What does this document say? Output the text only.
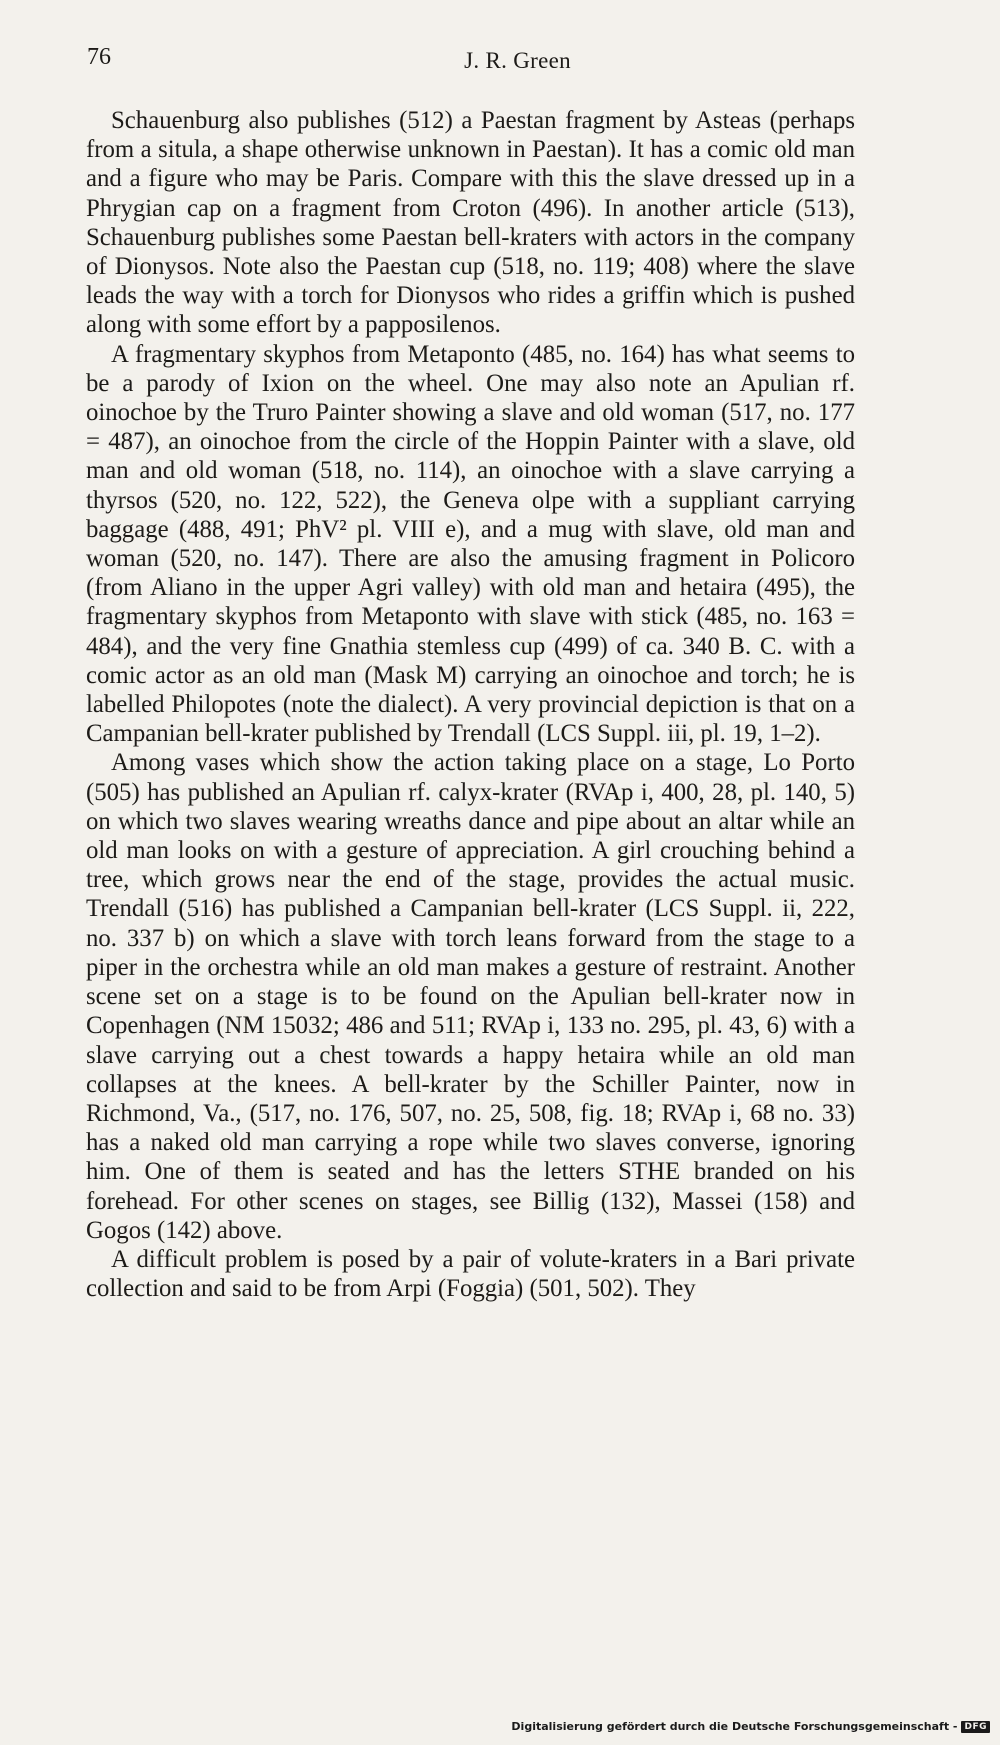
76	J. R. Green

Schauenburg also publishes (512) a Paestan fragment by Asteas (perhaps from a situla, a shape otherwise unknown in Paestan). It has a comic old man and a figure who may be Paris. Compare with this the slave dressed up in a Phrygian cap on a fragment from Croton (496). In another article (513), Schauenburg publishes some Paestan bell-kraters with actors in the company of Dionysos. Note also the Paestan cup (518, no. 119; 408) where the slave leads the way with a torch for Dionysos who rides a griffin which is pushed along with some effort by a papposilenos.

A fragmentary skyphos from Metaponto (485, no. 164) has what seems to be a parody of Ixion on the wheel. One may also note an Apulian rf. oinochoe by the Truro Painter showing a slave and old woman (517, no. 177 = 487), an oinochoe from the circle of the Hoppin Painter with a slave, old man and old woman (518, no. 114), an oinochoe with a slave carrying a thyrsos (520, no. 122, 522), the Geneva olpe with a suppliant carrying baggage (488, 491; PhV² pl. VIII e), and a mug with slave, old man and woman (520, no. 147). There are also the amusing fragment in Policoro (from Aliano in the upper Agri valley) with old man and hetaira (495), the fragmentary skyphos from Metaponto with slave with stick (485, no. 163 = 484), and the very fine Gnathia stemless cup (499) of ca. 340 B. C. with a comic actor as an old man (Mask M) carrying an oinochoe and torch; he is labelled Philopotes (note the dialect). A very provincial depiction is that on a Campanian bell-krater published by Trendall (LCS Suppl. iii, pl. 19, 1–2).

Among vases which show the action taking place on a stage, Lo Porto (505) has published an Apulian rf. calyx-krater (RVAp i, 400, 28, pl. 140, 5) on which two slaves wearing wreaths dance and pipe about an altar while an old man looks on with a gesture of appreciation. A girl crouching behind a tree, which grows near the end of the stage, provides the actual music. Trendall (516) has published a Campanian bell-krater (LCS Suppl. ii, 222, no. 337 b) on which a slave with torch leans forward from the stage to a piper in the orchestra while an old man makes a gesture of restraint. Another scene set on a stage is to be found on the Apulian bell-krater now in Copenhagen (NM 15032; 486 and 511; RVAp i, 133 no. 295, pl. 43, 6) with a slave carrying out a chest towards a happy hetaira while an old man collapses at the knees. A bell-krater by the Schiller Painter, now in Richmond, Va., (517, no. 176, 507, no. 25, 508, fig. 18; RVAp i, 68 no. 33) has a naked old man carrying a rope while two slaves converse, ignoring him. One of them is seated and has the letters STHE branded on his forehead. For other scenes on stages, see Billig (132), Massei (158) and Gogos (142) above.

A difficult problem is posed by a pair of volute-kraters in a Bari private collection and said to be from Arpi (Foggia) (501, 502). They

Digitalisierung gefördert durch die Deutsche Forschungsgemeinschaft - DFG
